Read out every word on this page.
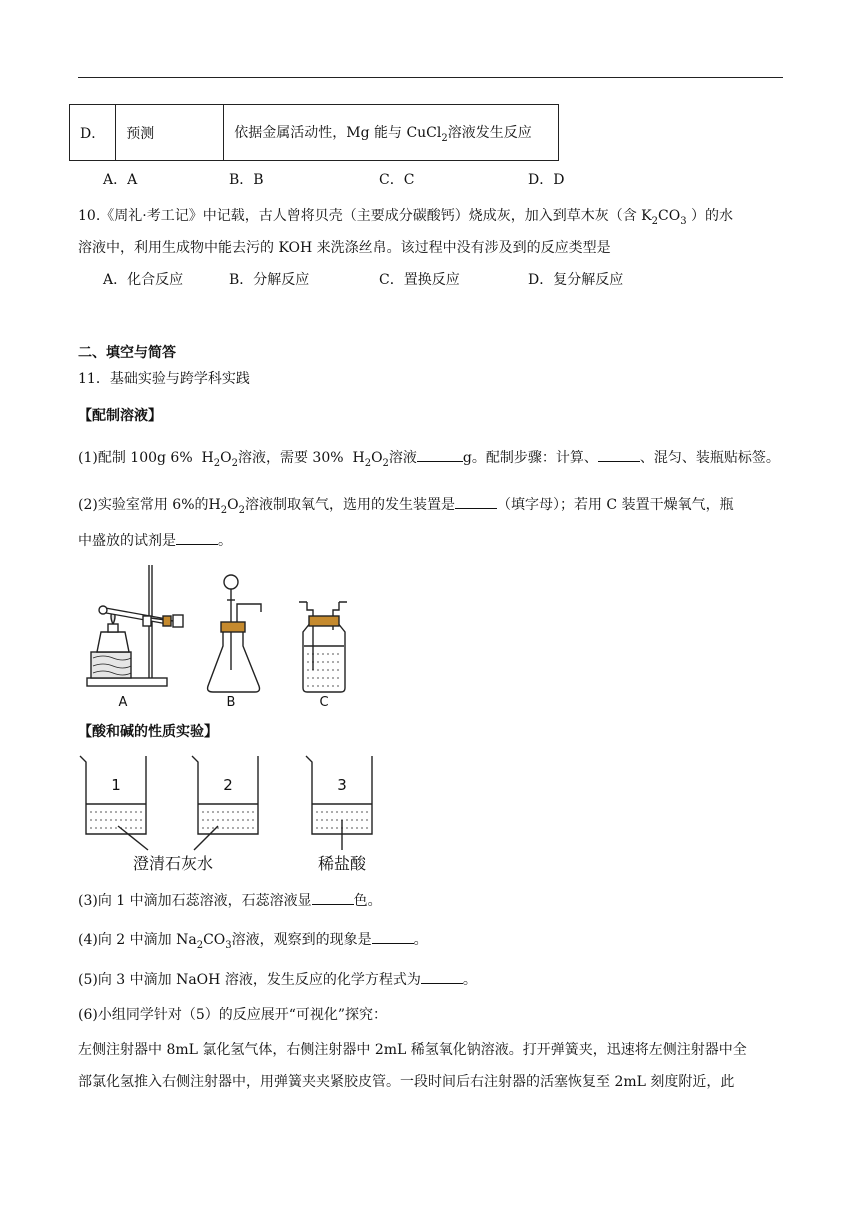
D．	预测	依据金属活动性，Mg 能与 CuCl$_2$溶液发生反应
A．A	B．B	C．C	D．D
10.《周礼·考工记》中记载，古人曾将贝壳（主要成分碳酸钙）烧成灰，加入到草木灰（含 $K_2CO_3$ ）的水
溶液中，利用生成物中能去污的 KOH 来洗涤丝帛。该过程中没有涉及到的反应类型是
A．化合反应	B．分解反应	C．置换反应	D．复分解反应
二、填空与简答
11．基础实验与跨学科实践
【配制溶液】
(1)配制 100g 6% $H_2O_2$溶液，需要 30% $H_2O_2$溶液	g。配制步骤：计算、	、混匀、装瓶贴标签。
(2)实验室常用 6%的$H_2O_2$溶液制取氧气，选用的发生装置是	（填字母）；若用 C 装置干燥氧气，瓶
中盛放的试剂是	。
A	B	C
【酸和碱的性质实验】
1	2	3
澄清石灰水	稀盐酸
(3)向 1 中滴加石蕊溶液，石蕊溶液显	色。
(4)向 2 中滴加 $Na_2CO_3$溶液，观察到的现象是	。
(5)向 3 中滴加 NaOH 溶液，发生反应的化学方程式为	。
(6)小组同学针对（5）的反应展开“可视化”探究：
左侧注射器中 8mL 氯化氢气体，右侧注射器中 2mL 稀氢氧化钠溶液。打开弹簧夹，迅速将左侧注射器中全
部氯化氢推入右侧注射器中，用弹簧夹夹紧胶皮管。一段时间后右注射器的活塞恢复至 2mL 刻度附近，此
